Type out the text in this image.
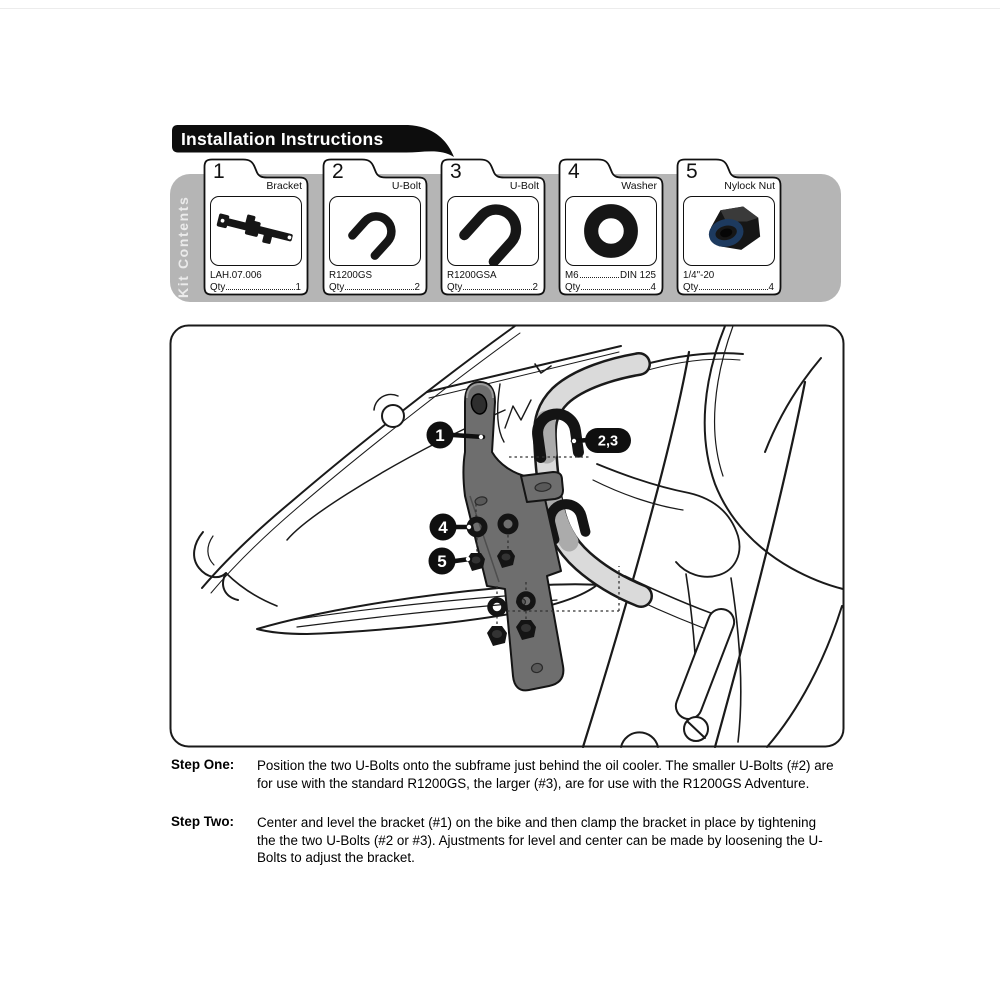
Installation Instructions
Kit Contents
1
Bracket
LAH.07.006
Qty	1
2
U-Bolt
R1200GS
Qty	2
3
U-Bolt
R1200GSA
Qty	2
4
Washer
M6	DIN 125
Qty	4
5
Nylock Nut
1/4"-20
Qty	4
1	2,3
4
5
Step One:	Position the two U-Bolts onto the subframe just behind the oil cooler. The smaller U-Bolts (#2) are for use with the standard R1200GS, the larger (#3), are for use with the R1200GS Adventure.
Step Two:	Center and level the bracket (#1) on the bike and then clamp the bracket in place by tightening the the two U-Bolts (#2 or #3). Ajustments for level and center can be made by loosening the U-Bolts to adjust the bracket.
